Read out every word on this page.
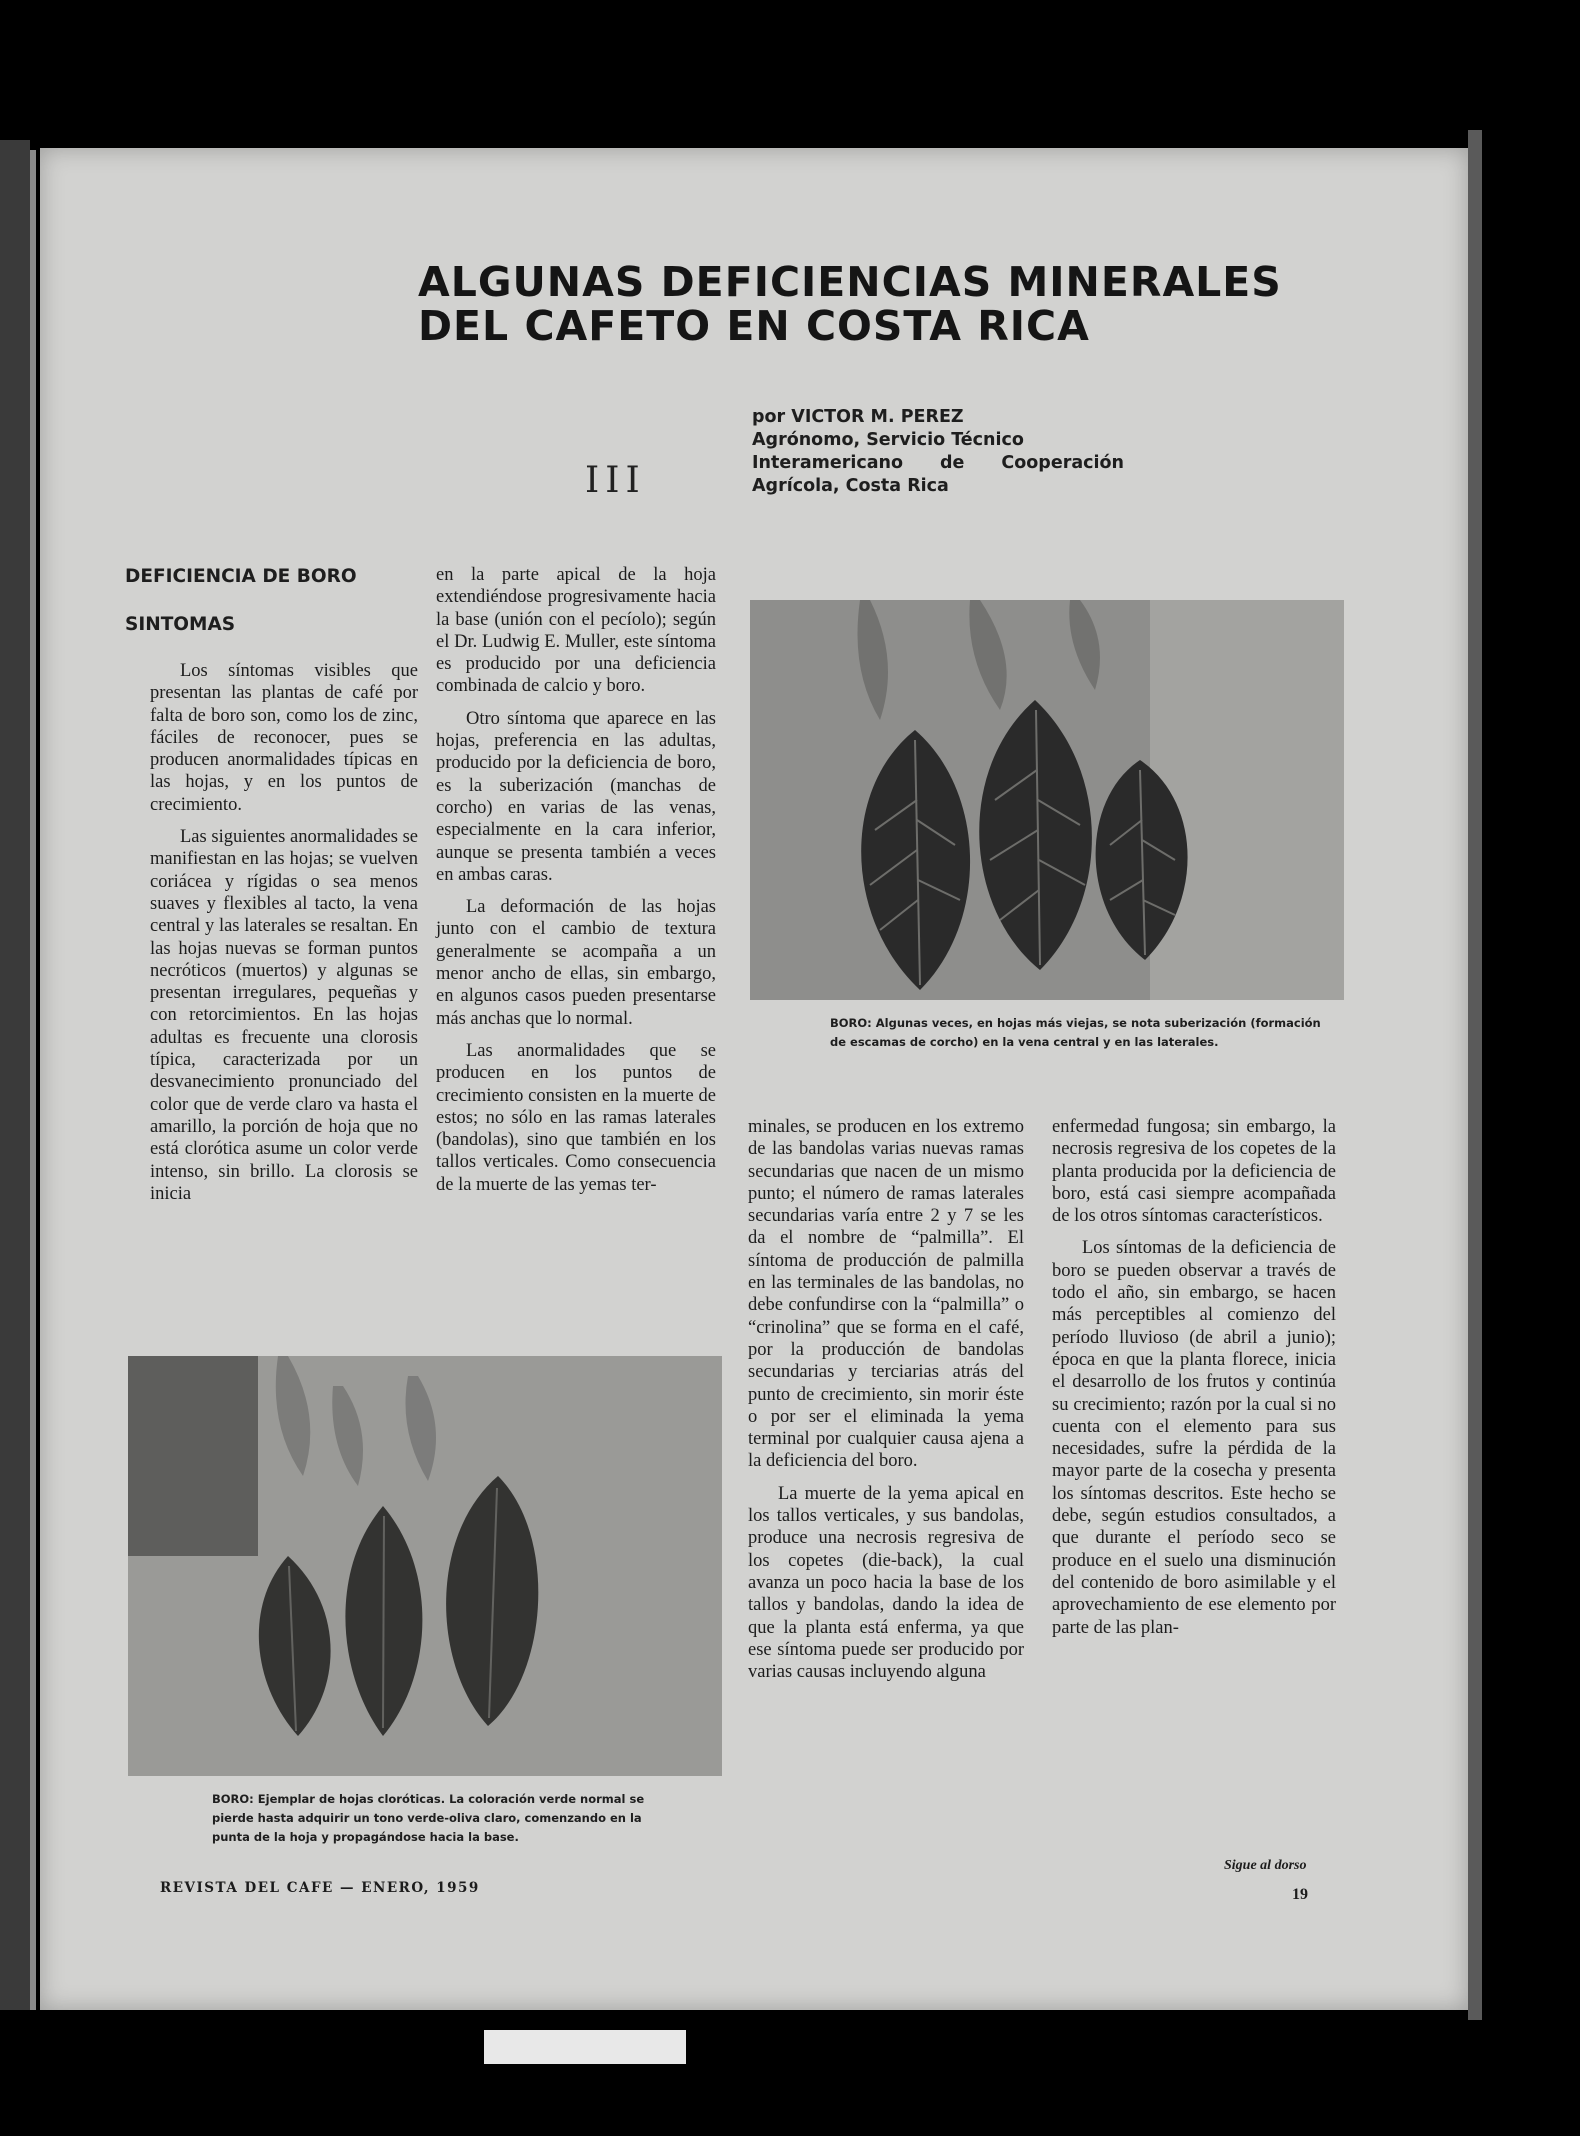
ALGUNAS DEFICIENCIAS MINERALES
DEL CAFETO EN COSTA RICA
III
por VICTOR M. PEREZ
Agrónomo, Servicio Técnico
Interamericano de Cooperación
Agrícola, Costa Rica
DEFICIENCIA DE BORO
SINTOMAS

Los síntomas visibles que presentan las plantas de café por falta de boro son, como los de zinc, fáciles de reconocer, pues se producen anormalidades típicas en las hojas, y en los puntos de crecimiento.

Las siguientes anormalidades se manifiestan en las hojas; se vuelven coriácea y rígidas o sea menos suaves y flexibles al tacto, la vena central y las laterales se resaltan. En las hojas nuevas se forman puntos necróticos (muertos) y algunas se presentan irregulares, pequeñas y con retorcimientos. En las hojas adultas es frecuente una clorosis típica, caracterizada por un desvanecimiento pronunciado del color que de verde claro va hasta el amarillo, la porción de hoja que no está clorótica asume un color verde intenso, sin brillo. La clorosis se inicia

en la parte apical de la hoja extendiéndose progresivamente hacia la base (unión con el pecíolo); según el Dr. Ludwig E. Muller, este síntoma es producido por una deficiencia combinada de calcio y boro.

Otro síntoma que aparece en las hojas, preferencia en las adultas, producido por la deficiencia de boro, es la suberización (manchas de corcho) en varias de las venas, especialmente en la cara inferior, aunque se presenta también a veces en ambas caras.

La deformación de las hojas junto con el cambio de textura generalmente se acompaña a un menor ancho de ellas, sin embargo, en algunos casos pueden presentarse más anchas que lo normal.

Las anormalidades que se producen en los puntos de crecimiento consisten en la muerte de estos; no sólo en las ramas laterales (bandolas), sino que también en los tallos verticales. Como consecuencia de la muerte de las yemas ter-

minales, se producen en los extremo de las bandolas varias nuevas ramas secundarias que nacen de un mismo punto; el número de ramas laterales secundarias varía entre 2 y 7 se les da el nombre de “palmilla”. El síntoma de producción de palmilla en las terminales de las bandolas, no debe confundirse con la “palmilla” o “crinolina” que se forma en el café, por la producción de bandolas secundarias y terciarias atrás del punto de crecimiento, sin morir éste o por ser el eliminada la yema terminal por cualquier causa ajena a la deficiencia del boro.

La muerte de la yema apical en los tallos verticales, y sus bandolas, produce una necrosis regresiva de los copetes (die-back), la cual avanza un poco hacia la base de los tallos y bandolas, dando la idea de que la planta está enferma, ya que ese síntoma puede ser producido por varias causas incluyendo alguna

enfermedad fungosa; sin embargo, la necrosis regresiva de los copetes de la planta producida por la deficiencia de boro, está casi siempre acompañada de los otros síntomas característicos.

Los síntomas de la deficiencia de boro se pueden observar a través de todo el año, sin embargo, se hacen más perceptibles al comienzo del período lluvioso (de abril a junio); época en que la planta florece, inicia el desarrollo de los frutos y continúa su crecimiento; razón por la cual si no cuenta con el elemento para sus necesidades, sufre la pérdida de la mayor parte de la cosecha y presenta los síntomas descritos. Este hecho se debe, según estudios consultados, a que durante el período seco se produce en el suelo una disminución del contenido de boro asimilable y el aprovechamiento de ese elemento por parte de las plan-

BORO: Algunas veces, en hojas más viejas, se nota suberización (formación de escamas de corcho) en la vena central y en las laterales.
BORO: Ejemplar de hojas cloróticas. La coloración verde normal se pierde hasta adquirir un tono verde-oliva claro, comenzando en la punta de la hoja y propagándose hacia la base.
REVISTA DEL CAFE — ENERO, 1959
Sigue al dorso
19
